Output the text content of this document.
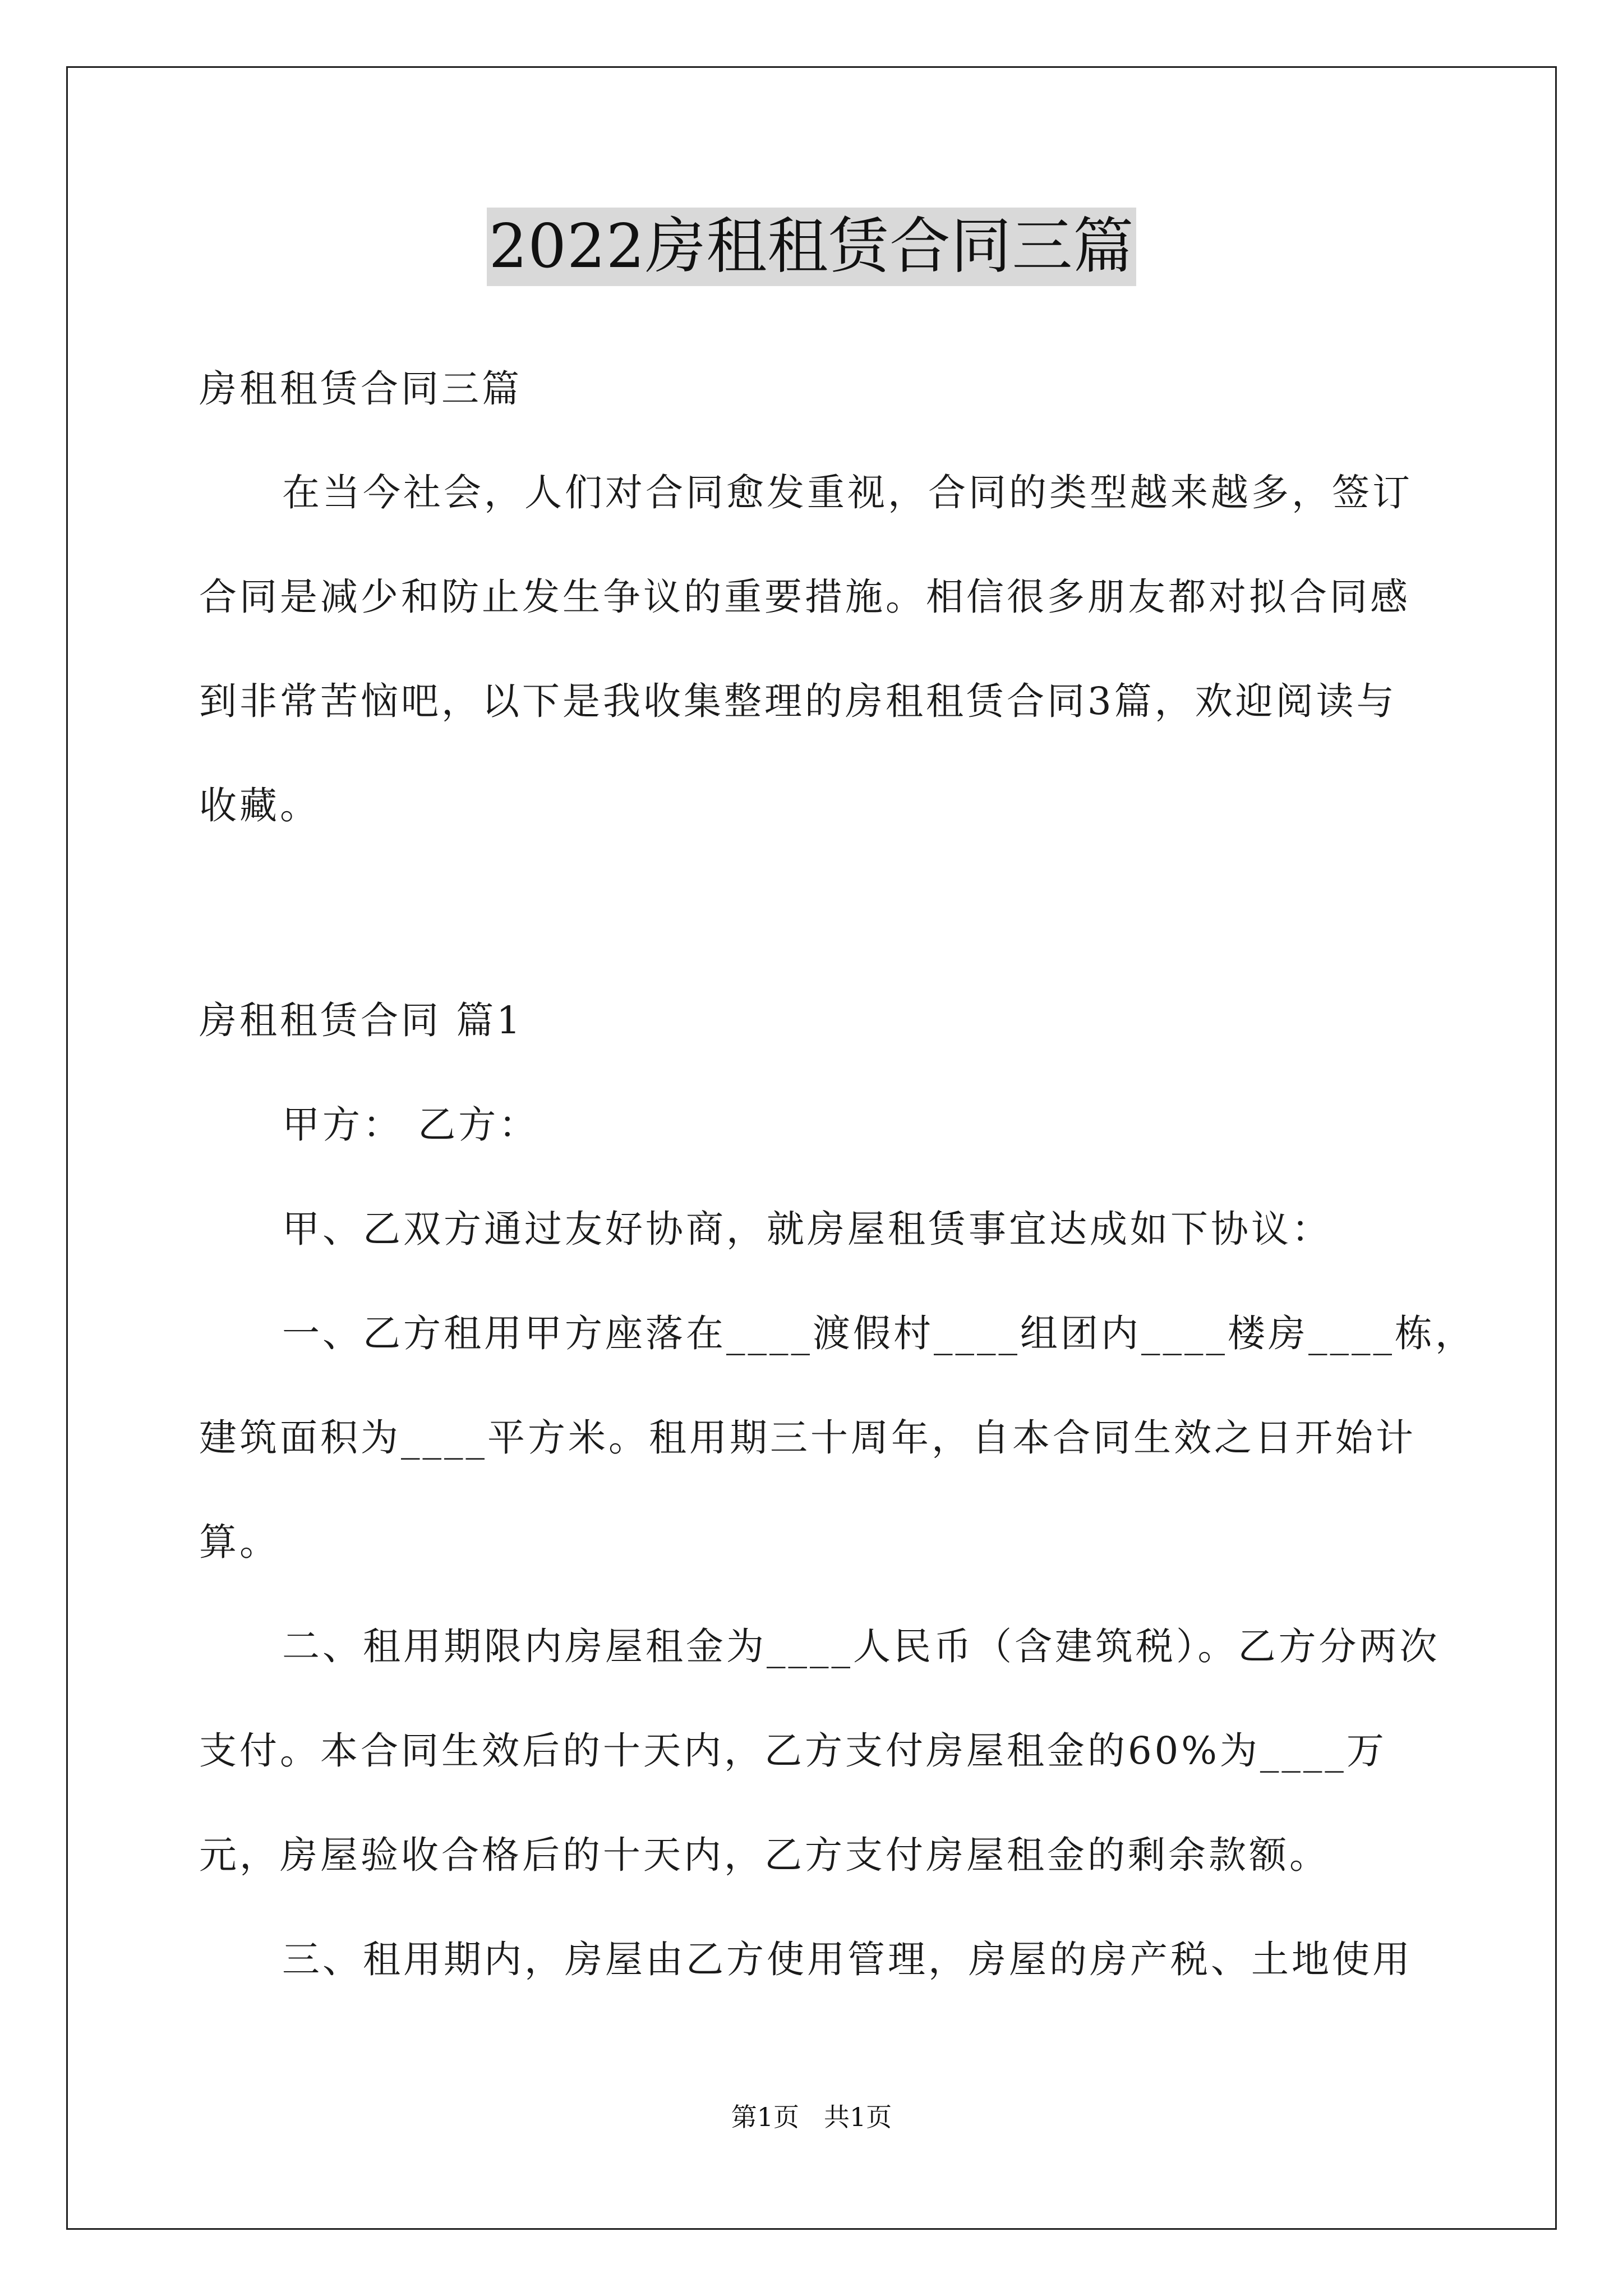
2022房租租赁合同三篇

房租租赁合同三篇

在当今社会，人们对合同愈发重视，合同的类型越来越多，签订

合同是减少和防止发生争议的重要措施。相信很多朋友都对拟合同感

到非常苦恼吧，以下是我收集整理的房租租赁合同3篇，欢迎阅读与

收藏。

房租租赁合同 篇1

甲方： 乙方：

甲、乙双方通过友好协商，就房屋租赁事宜达成如下协议：

一、乙方租用甲方座落在____渡假村____组团内____楼房____栋，

建筑面积为____平方米。租用期三十周年，自本合同生效之日开始计

算。

二、租用期限内房屋租金为____人民币（含建筑税）。乙方分两次

支付。本合同生效后的十天内，乙方支付房屋租金的60%为____万

元，房屋验收合格后的十天内，乙方支付房屋租金的剩余款额。

三、租用期内，房屋由乙方使用管理，房屋的房产税、土地使用

第1页 共1页
